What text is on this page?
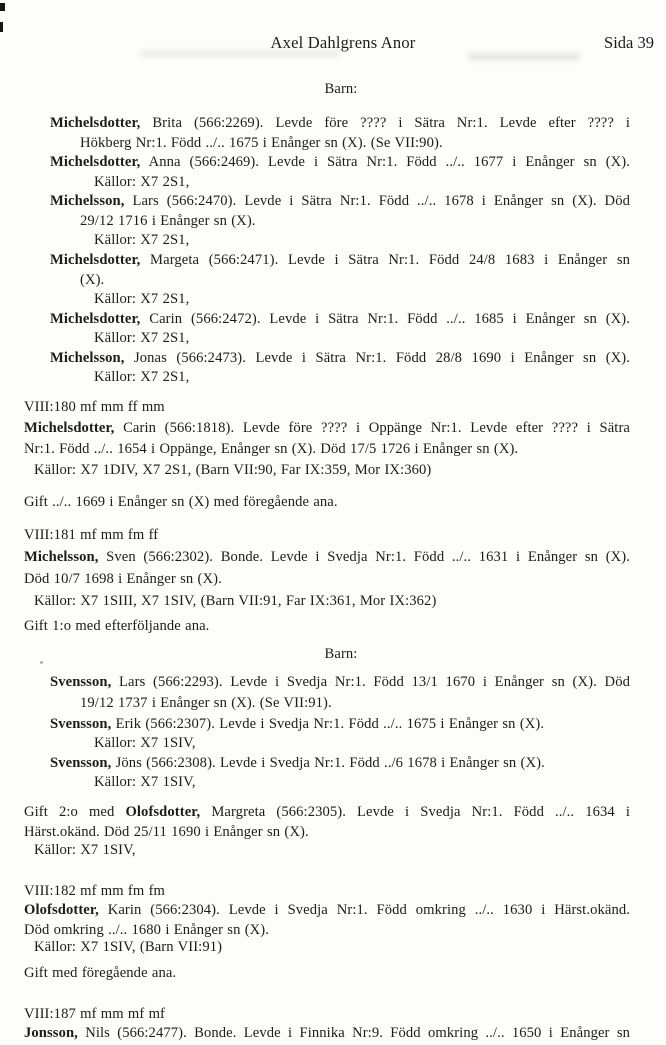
Axel Dahlgrens Anor	Sida 39
Barn:
Michelsdotter, Brita (566:2269). Levde före ???? i Sätra Nr:1. Levde efter ???? i
Hökberg Nr:1. Född ../.. 1675 i Enånger sn (X). (Se VII:90).
Michelsdotter, Anna (566:2469). Levde i Sätra Nr:1. Född ../.. 1677 i Enånger sn (X).
Källor: X7 2S1,
Michelsson, Lars (566:2470). Levde i Sätra Nr:1. Född ../.. 1678 i Enånger sn (X). Död
29/12 1716 i Enånger sn (X).
Källor: X7 2S1,
Michelsdotter, Margeta (566:2471). Levde i Sätra Nr:1. Född 24/8 1683 i Enånger sn
(X).
Källor: X7 2S1,
Michelsdotter, Carin (566:2472). Levde i Sätra Nr:1. Född ../.. 1685 i Enånger sn (X).
Källor: X7 2S1,
Michelsson, Jonas (566:2473). Levde i Sätra Nr:1. Född 28/8 1690 i Enånger sn (X).
Källor: X7 2S1,
VIII:180 mf mm ff mm
Michelsdotter, Carin (566:1818). Levde före ???? i Oppänge Nr:1. Levde efter ???? i Sätra
Nr:1. Född ../.. 1654 i Oppänge, Enånger sn (X). Död 17/5 1726 i Enånger sn (X).
Källor: X7 1DIV, X7 2S1, (Barn VII:90, Far IX:359, Mor IX:360)
Gift ../.. 1669 i Enånger sn (X) med föregående ana.
VIII:181 mf mm fm ff
Michelsson, Sven (566:2302). Bonde. Levde i Svedja Nr:1. Född ../.. 1631 i Enånger sn (X).
Död 10/7 1698 i Enånger sn (X).
Källor: X7 1SIII, X7 1SIV, (Barn VII:91, Far IX:361, Mor IX:362)
Gift 1:o med efterföljande ana.
Barn:
Svensson, Lars (566:2293). Levde i Svedja Nr:1. Född 13/1 1670 i Enånger sn (X). Död
19/12 1737 i Enånger sn (X). (Se VII:91).
Svensson, Erik (566:2307). Levde i Svedja Nr:1. Född ../.. 1675 i Enånger sn (X).
Källor: X7 1SIV,
Svensson, Jöns (566:2308). Levde i Svedja Nr:1. Född ../6 1678 i Enånger sn (X).
Källor: X7 1SIV,
Gift 2:o med Olofsdotter, Margreta (566:2305). Levde i Svedja Nr:1. Född ../.. 1634 i
Härst.okänd. Död 25/11 1690 i Enånger sn (X).
Källor: X7 1SIV,
VIII:182 mf mm fm fm
Olofsdotter, Karin (566:2304). Levde i Svedja Nr:1. Född omkring ../.. 1630 i Härst.okänd.
Död omkring ../.. 1680 i Enånger sn (X).
Källor: X7 1SIV, (Barn VII:91)
Gift med föregående ana.
VIII:187 mf mm mf mf
Jonsson, Nils (566:2477). Bonde. Levde i Finnika Nr:9. Född omkring ../.. 1650 i Enånger sn
